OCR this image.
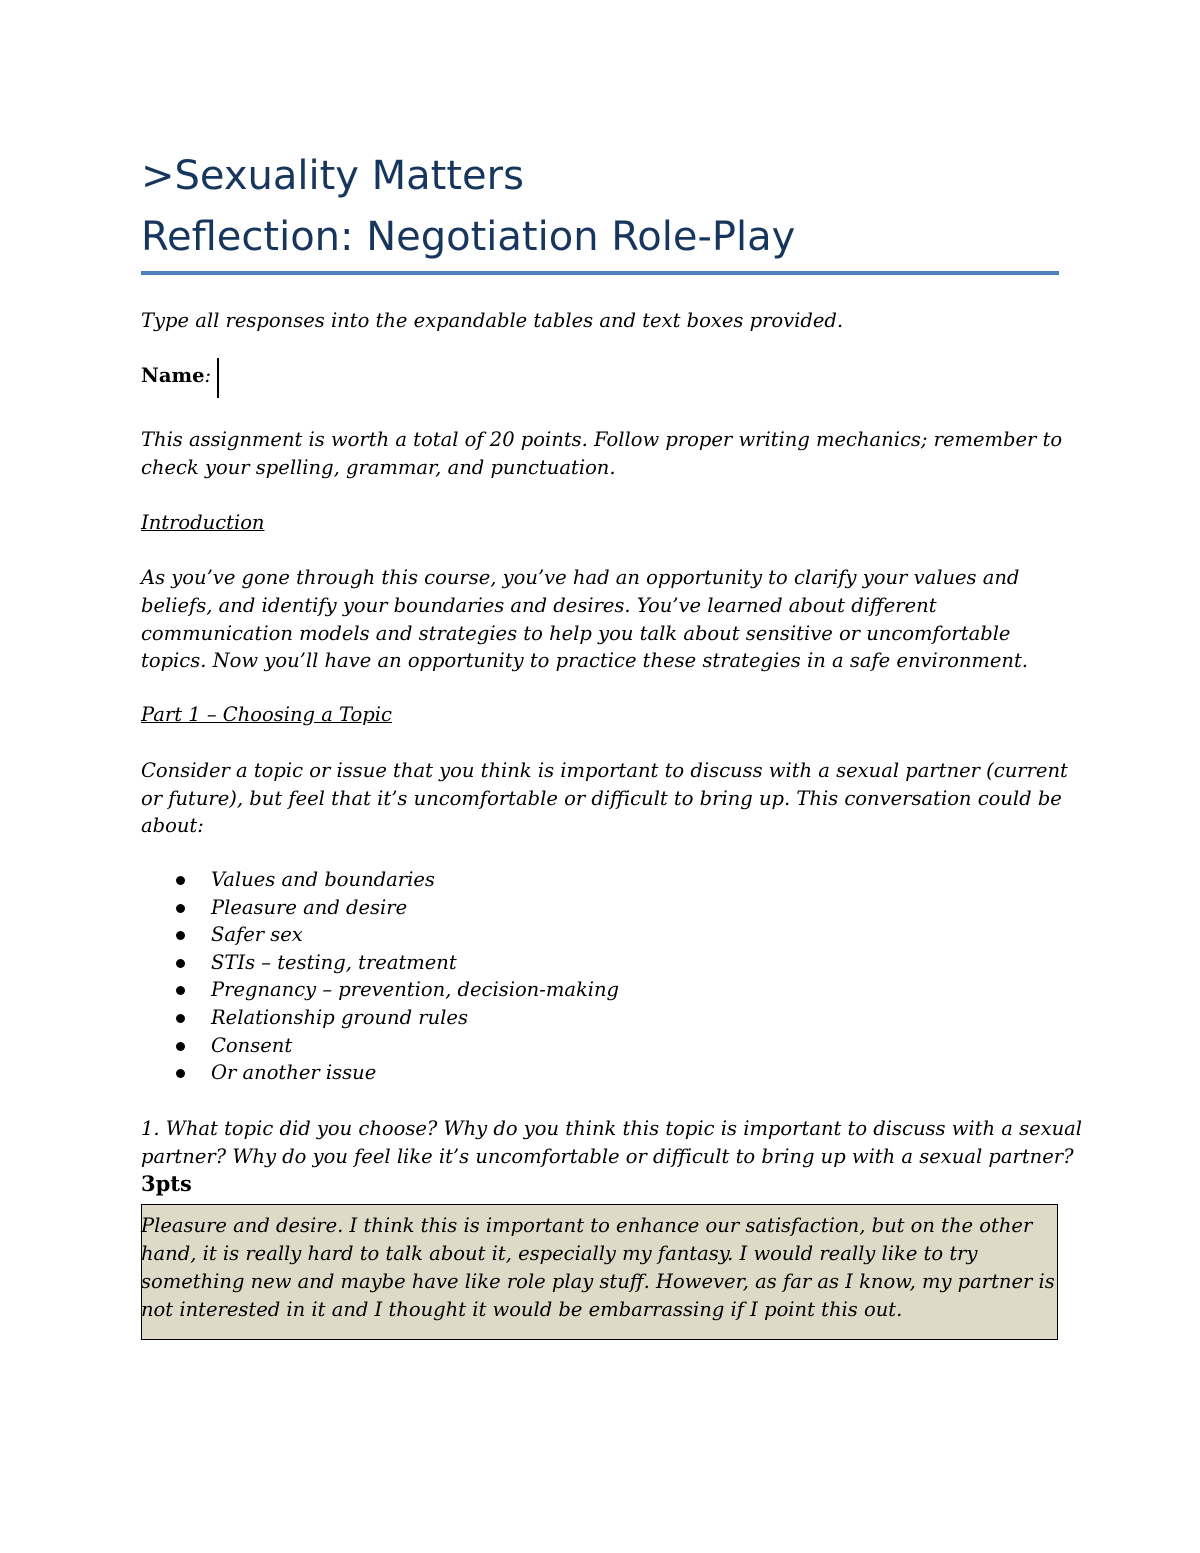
>Sexuality Matters
Reflection: Negotiation Role-Play
Type all responses into the expandable tables and text boxes provided.
Name:
This assignment is worth a total of 20 points. Follow proper writing mechanics; remember to
check your spelling, grammar, and punctuation.
Introduction
As you’ve gone through this course, you’ve had an opportunity to clarify your values and
beliefs, and identify your boundaries and desires. You’ve learned about different
communication models and strategies to help you talk about sensitive or uncomfortable
topics. Now you’ll have an opportunity to practice these strategies in a safe environment.
Part 1 – Choosing a Topic
Consider a topic or issue that you think is important to discuss with a sexual partner (current
or future), but feel that it’s uncomfortable or difficult to bring up. This conversation could be
about:
Values and boundaries
Pleasure and desire
Safer sex
STIs – testing, treatment
Pregnancy – prevention, decision-making
Relationship ground rules
Consent
Or another issue
1. What topic did you choose? Why do you think this topic is important to discuss with a sexual
partner? Why do you feel like it’s uncomfortable or difficult to bring up with a sexual partner?
3pts
Pleasure and desire. I think this is important to enhance our satisfaction, but on the other
hand, it is really hard to talk about it, especially my fantasy. I would really like to try
something new and maybe have like role play stuff. However, as far as I know, my partner is
not interested in it and I thought it would be embarrassing if I point this out.
